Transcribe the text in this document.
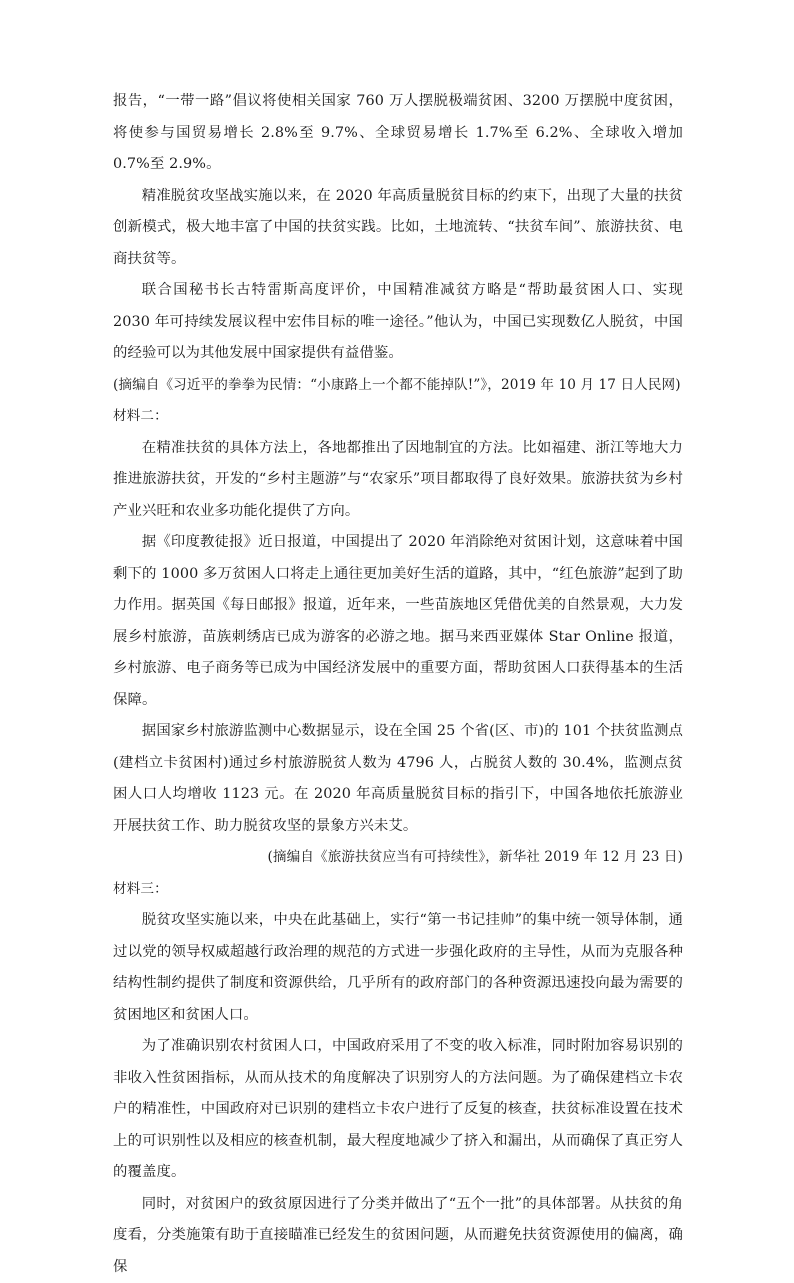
报告，“一带一路”倡议将使相关国家 760 万人摆脱极端贫困、3200 万摆脱中度贫困，将使参与国贸易增长 2.8%至 9.7%、全球贸易增长 1.7%至 6.2%、全球收入增加 0.7%至 2.9%。

精准脱贫攻坚战实施以来，在 2020 年高质量脱贫目标的约束下，出现了大量的扶贫创新模式，极大地丰富了中国的扶贫实践。比如，土地流转、“扶贫车间”、旅游扶贫、电商扶贫等。

联合国秘书长古特雷斯高度评价，中国精准减贫方略是“帮助最贫困人口、实现 2030 年可持续发展议程中宏伟目标的唯一途径。”他认为，中国已实现数亿人脱贫，中国的经验可以为其他发展中国家提供有益借鉴。

(摘编自《习近平的拳拳为民情：“小康路上一个都不能掉队!”》，2019 年 10 月 17 日人民网)

材料二：

在精准扶贫的具体方法上，各地都推出了因地制宜的方法。比如福建、浙江等地大力推进旅游扶贫，开发的“乡村主题游”与“农家乐”项目都取得了良好效果。旅游扶贫为乡村产业兴旺和农业多功能化提供了方向。

据《印度教徒报》近日报道，中国提出了 2020 年消除绝对贫困计划，这意味着中国剩下的 1000 多万贫困人口将走上通往更加美好生活的道路，其中，“红色旅游”起到了助力作用。据英国《每日邮报》报道，近年来，一些苗族地区凭借优美的自然景观，大力发展乡村旅游，苗族刺绣店已成为游客的必游之地。据马来西亚媒体 Star Online 报道，乡村旅游、电子商务等已成为中国经济发展中的重要方面，帮助贫困人口获得基本的生活保障。

据国家乡村旅游监测中心数据显示，设在全国 25 个省(区、市)的 101 个扶贫监测点(建档立卡贫困村)通过乡村旅游脱贫人数为 4796 人，占脱贫人数的 30.4%，监测点贫困人口人均增收 1123 元。在 2020 年高质量脱贫目标的指引下，中国各地依托旅游业开展扶贫工作、助力脱贫攻坚的景象方兴未艾。

(摘编自《旅游扶贫应当有可持续性》，新华社 2019 年 12 月 23 日)

材料三：

脱贫攻坚实施以来，中央在此基础上，实行“第一书记挂帅”的集中统一领导体制，通过以党的领导权威超越行政治理的规范的方式进一步强化政府的主导性，从而为克服各种结构性制约提供了制度和资源供给，几乎所有的政府部门的各种资源迅速投向最为需要的贫困地区和贫困人口。

为了准确识别农村贫困人口，中国政府采用了不变的收入标准，同时附加容易识别的非收入性贫困指标，从而从技术的角度解决了识别穷人的方法问题。为了确保建档立卡农户的精准性，中国政府对已识别的建档立卡农户进行了反复的核查，扶贫标准设置在技术上的可识别性以及相应的核查机制，最大程度地减少了挤入和漏出，从而确保了真正穷人的覆盖度。

同时，对贫困户的致贫原因进行了分类并做出了“五个一批”的具体部署。从扶贫的角度看，分类施策有助于直接瞄准已经发生的贫困问题，从而避免扶贫资源使用的偏离，确保
